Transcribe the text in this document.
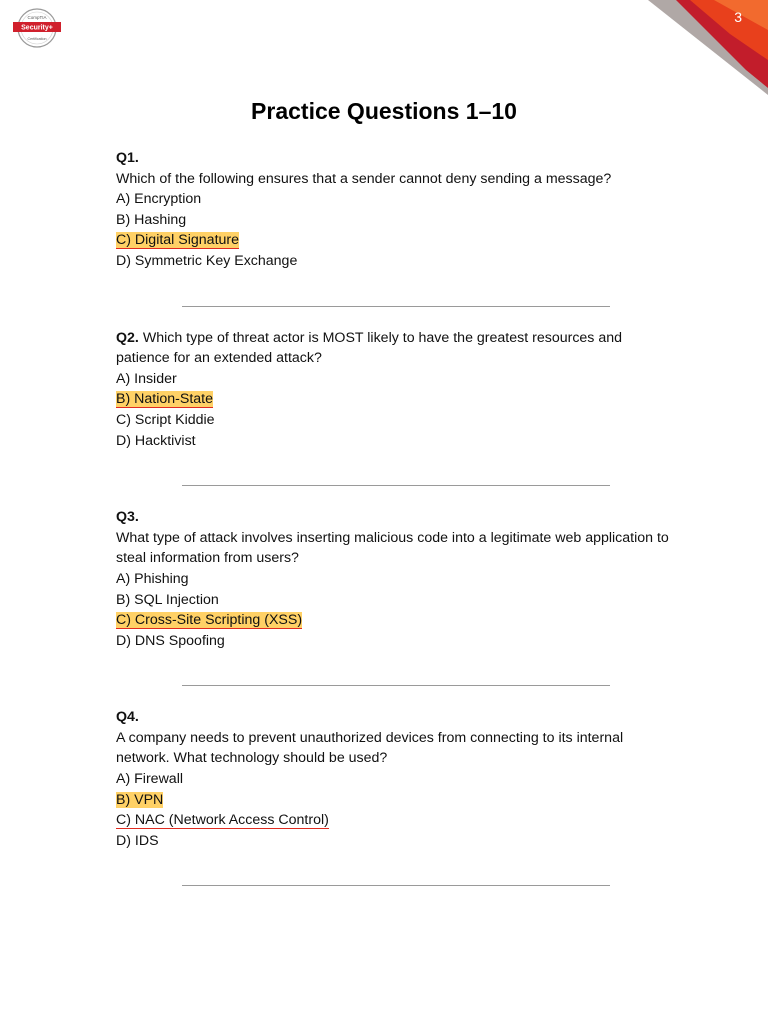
3
CompTIA
Security+
Certification
Practice Questions 1–10
Q1.
Which of the following ensures that a sender cannot deny sending a message?
A) Encryption
B) Hashing
C) Digital Signature
D) Symmetric Key Exchange
Q2. Which type of threat actor is MOST likely to have the greatest resources and patience for an extended attack?
A) Insider
B) Nation-State
C) Script Kiddie
D) Hacktivist
Q3.
What type of attack involves inserting malicious code into a legitimate web application to steal information from users?
A) Phishing
B) SQL Injection
C) Cross-Site Scripting (XSS)
D) DNS Spoofing
Q4.
A company needs to prevent unauthorized devices from connecting to its internal network. What technology should be used?
A) Firewall
B) VPN
C) NAC (Network Access Control)
D) IDS
